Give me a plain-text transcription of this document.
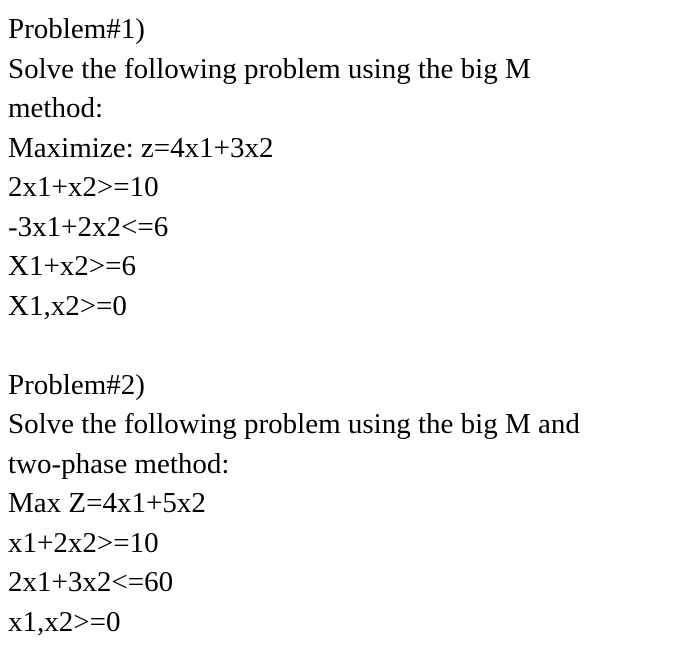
Problem#1)

Solve the following problem using the big M

method:

Maximize: z=4x1+3x2

2x1+x2>=10

-3x1+2x2<=6

X1+x2>=6

X1,x2>=0

Problem#2)

Solve the following problem using the big M and

two-phase method:

Max Z=4x1+5x2

x1+2x2>=10

2x1+3x2<=60

x1,x2>=0
